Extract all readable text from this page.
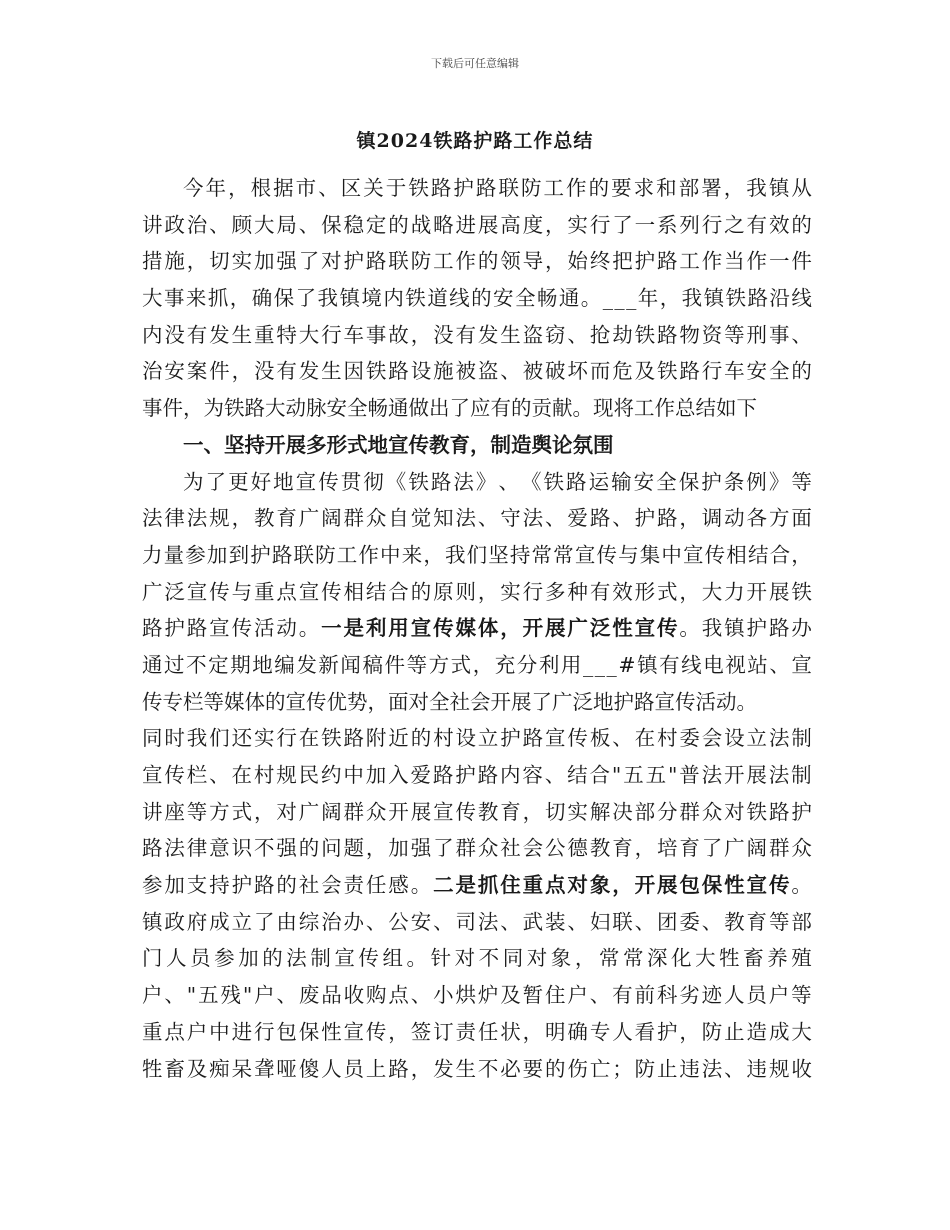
下载后可任意编辑
镇2024铁路护路工作总结
今 年 ， 根 据 市 、 区 关 于 铁 路 护 路 联 防 工 作 的 要 求 和 部 署 ， 我 镇 从
讲 政 治 、 顾 大 局 、 保 稳 定 的 战 略 进 展 高 度 ， 实 行 了 一 系 列 行 之 有 效 的
措 施 ， 切 实 加 强 了 对 护 路 联 防 工 作 的 领 导 ， 始 终 把 护 路 工 作 当 作 一 件
大 事 来 抓 ， 确 保 了 我 镇 境 内 铁 道 线 的 安 全 畅 通 。 _ _ _ 年 ， 我 镇 铁 路 沿 线
内 没 有 发 生 重 特 大 行 车 事 故 ， 没 有 发 生 盗 窃 、 抢 劫 铁 路 物 资 等 刑 事 、
治 安 案 件 ， 没 有 发 生 因 铁 路 设 施 被 盗 、 被 破 坏 而 危 及 铁 路 行 车 安 全 的
事 件 ， 为 铁 路 大 动 脉 安 全 畅 通 做 出 了 应 有 的 贡 献 。 现 将 工 作 总 结 如 下
一 、 坚 持 开 展 多 形 式 地 宣 传 教 育 ， 制 造 舆 论 氛 围
为 了 更 好 地 宣 传 贯 彻 《 铁 路 法 》 、 《 铁 路 运 输 安 全 保 护 条 例 》 等
法 律 法 规 ， 教 育 广 阔 群 众 自 觉 知 法 、 守 法 、 爱 路 、 护 路 ， 调 动 各 方 面
力 量 参 加 到 护 路 联 防 工 作 中 来 ， 我 们 坚 持 常 常 宣 传 与 集 中 宣 传 相 结 合 ，
广 泛 宣 传 与 重 点 宣 传 相 结 合 的 原 则 ， 实 行 多 种 有 效 形 式 ， 大 力 开 展 铁
路 护 路 宣 传 活 动 。 一 是 利 用 宣 传 媒 体 ， 开 展 广 泛 性 宣 传 。 我 镇 护 路 办
通 过 不 定 期 地 编 发 新 闻 稿 件 等 方 式 ， 充 分 利 用 _ _ _ # 镇 有 线 电 视 站 、 宣
传 专 栏 等 媒 体 的 宣 传 优 势 ， 面 对 全 社 会 开 展 了 广 泛 地 护 路 宣 传 活 动 。
同 时 我 们 还 实 行 在 铁 路 附 近 的 村 设 立 护 路 宣 传 板 、 在 村 委 会 设 立 法 制
宣 传 栏 、 在 村 规 民 约 中 加 入 爱 路 护 路 内 容 、 结 合 " 五 五 " 普 法 开 展 法 制
讲 座 等 方 式 ， 对 广 阔 群 众 开 展 宣 传 教 育 ， 切 实 解 决 部 分 群 众 对 铁 路 护
路 法 律 意 识 不 强 的 问 题 ， 加 强 了 群 众 社 会 公 德 教 育 ， 培 育 了 广 阔 群 众
参 加 支 持 护 路 的 社 会 责 任 感 。 二 是 抓 住 重 点 对 象 ， 开 展 包 保 性 宣 传 。
镇 政 府 成 立 了 由 综 治 办 、 公 安 、 司 法 、 武 装 、 妇 联 、 团 委 、 教 育 等 部
门 人 员 参 加 的 法 制 宣 传 组 。 针 对 不 同 对 象 ， 常 常 深 化 大 牲 畜 养 殖
户 、 " 五 残 " 户 、 废 品 收 购 点 、 小 烘 炉 及 暂 住 户 、 有 前 科 劣 迹 人 员 户 等
重 点 户 中 进 行 包 保 性 宣 传 ， 签 订 责 任 状 ， 明 确 专 人 看 护 ， 防 止 造 成 大
牲 畜 及 痴 呆 聋 哑 傻 人 员 上 路 ， 发 生 不 必 要 的 伤 亡 ； 防 止 违 法 、 违 规 收
